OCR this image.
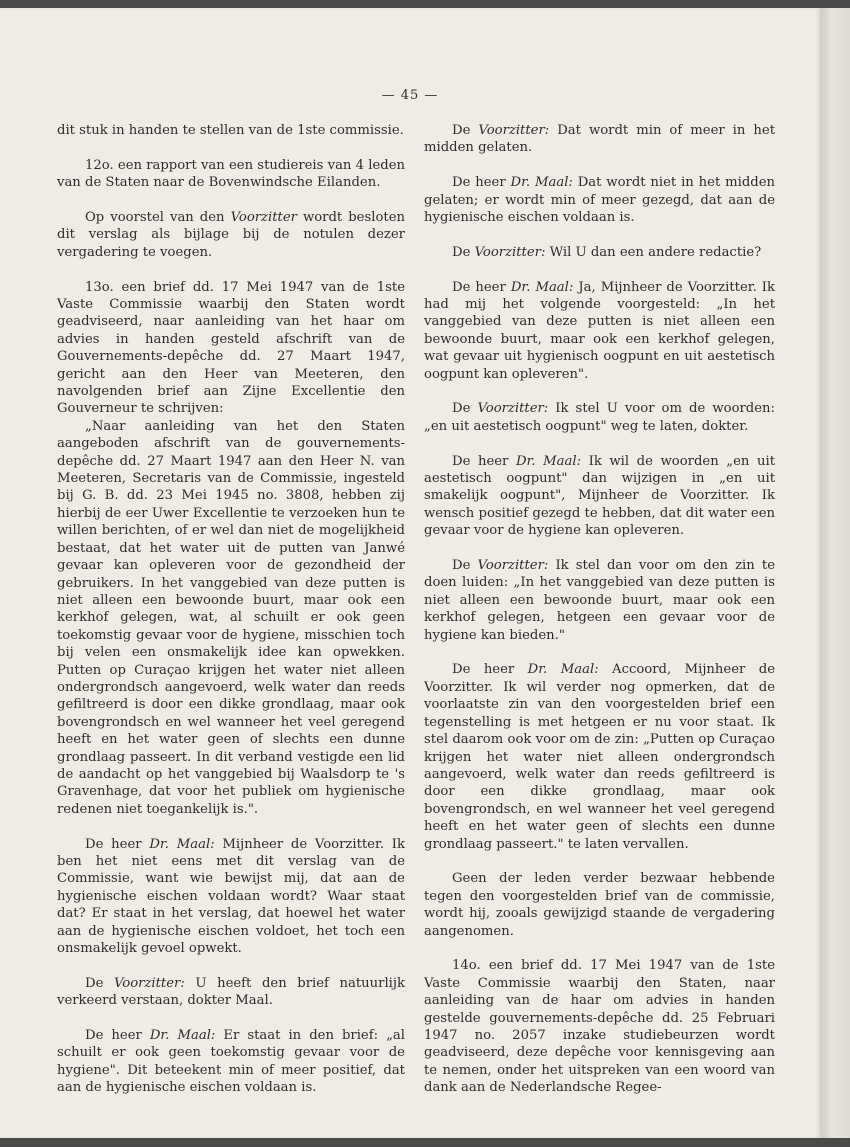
— 45 —

dit stuk in handen te stellen van de 1ste commissie.

12o. een rapport van een studiereis van 4 leden van de Staten naar de Bovenwindsche Eilanden.

Op voorstel van den Voorzitter wordt besloten dit verslag als bijlage bij de notulen dezer vergadering te voegen.

13o. een brief dd. 17 Mei 1947 van de 1ste Vaste Commissie waarbij den Staten wordt geadviseerd, naar aanleiding van het haar om advies in handen gesteld afschrift van de Gouvernements-depêche dd. 27 Maart 1947, gericht aan den Heer van Meeteren, den navolgenden brief aan Zijne Excellentie den Gouverneur te schrijven:

„Naar aanleiding van het den Staten aangeboden afschrift van de gouvernements-depêche dd. 27 Maart 1947 aan den Heer N. van Meeteren, Secretaris van de Commissie, ingesteld bij G. B. dd. 23 Mei 1945 no. 3808, hebben zij hierbij de eer Uwer Excellentie te verzoeken hun te willen berichten, of er wel dan niet de mogelijkheid bestaat, dat het water uit de putten van Janwé gevaar kan opleveren voor de gezondheid der gebruikers. In het vanggebied van deze putten is niet alleen een bewoonde buurt, maar ook een kerkhof gelegen, wat, al schuilt er ook geen toekomstig gevaar voor de hygiene, misschien toch bij velen een onsmakelijk idee kan opwekken. Putten op Curaçao krijgen het water niet alleen ondergrondsch aangevoerd, welk water dan reeds gefiltreerd is door een dikke grondlaag, maar ook bovengrondsch en wel wanneer het veel geregend heeft en het water geen of slechts een dunne grondlaag passeert. In dit verband vestigde een lid de aandacht op het vanggebied bij Waalsdorp te 's Gravenhage, dat voor het publiek om hygienische redenen niet toegankelijk is.".

De heer Dr. Maal: Mijnheer de Voorzitter. Ik ben het niet eens met dit verslag van de Commissie, want wie bewijst mij, dat aan de hygienische eischen voldaan wordt? Waar staat dat? Er staat in het verslag, dat hoewel het water aan de hygienische eischen voldoet, het toch een onsmakelijk gevoel opwekt.

De Voorzitter: U heeft den brief natuurlijk verkeerd verstaan, dokter Maal.

De heer Dr. Maal: Er staat in den brief: „al schuilt er ook geen toekomstig gevaar voor de hygiene". Dit beteekent min of meer positief, dat aan de hygienische eischen voldaan is.

De Voorzitter: Dat wordt min of meer in het midden gelaten.

De heer Dr. Maal: Dat wordt niet in het midden gelaten; er wordt min of meer gezegd, dat aan de hygienische eischen voldaan is.

De Voorzitter: Wil U dan een andere redactie?

De heer Dr. Maal: Ja, Mijnheer de Voorzitter. Ik had mij het volgende voorgesteld: „In het vanggebied van deze putten is niet alleen een bewoonde buurt, maar ook een kerkhof gelegen, wat gevaar uit hygienisch oogpunt en uit aestetisch oogpunt kan opleveren".

De Voorzitter: Ik stel U voor om de woorden: „en uit aestetisch oogpunt" weg te laten, dokter.

De heer Dr. Maal: Ik wil de woorden „en uit aestetisch oogpunt" dan wijzigen in „en uit smakelijk oogpunt", Mijnheer de Voorzitter. Ik wensch positief gezegd te hebben, dat dit water een gevaar voor de hygiene kan opleveren.

De Voorzitter: Ik stel dan voor om den zin te doen luiden: „In het vanggebied van deze putten is niet alleen een bewoonde buurt, maar ook een kerkhof gelegen, hetgeen een gevaar voor de hygiene kan bieden."

De heer Dr. Maal: Accoord, Mijnheer de Voorzitter. Ik wil verder nog opmerken, dat de voorlaatste zin van den voorgestelden brief een tegenstelling is met hetgeen er nu voor staat. Ik stel daarom ook voor om de zin: „Putten op Curaçao krijgen het water niet alleen ondergrondsch aangevoerd, welk water dan reeds gefiltreerd is door een dikke grondlaag, maar ook bovengrondsch, en wel wanneer het veel geregend heeft en het water geen of slechts een dunne grondlaag passeert." te laten vervallen.

Geen der leden verder bezwaar hebbende tegen den voorgestelden brief van de commissie, wordt hij, zooals gewijzigd staande de vergadering aangenomen.

14o. een brief dd. 17 Mei 1947 van de 1ste Vaste Commissie waarbij den Staten, naar aanleiding van de haar om advies in handen gestelde gouvernements-depêche dd. 25 Februari 1947 no. 2057 inzake studiebeurzen wordt geadviseerd, deze depêche voor kennisgeving aan te nemen, onder het uitspreken van een woord van dank aan de Nederlandsche Regee-
